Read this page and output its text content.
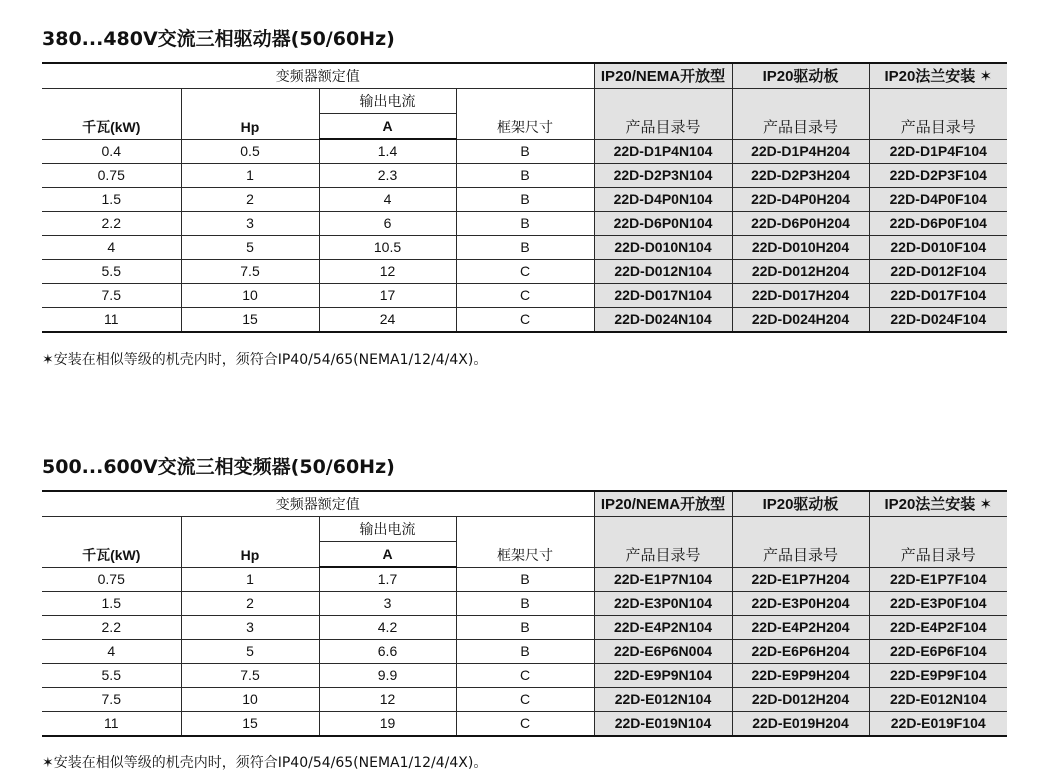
380...480V交流三相驱动器(50/60Hz)
变频器额定值				IP20/NEMA开放型	IP20驱动板	IP20法兰安装 ✶
千瓦(kW)	Hp	输出电流	框架尺寸	产品目录号	产品目录号	产品目录号
		A				
0.4	0.5	1.4	B	22D-D1P4N104	22D-D1P4H204	22D-D1P4F104
0.75	1	2.3	B	22D-D2P3N104	22D-D2P3H204	22D-D2P3F104
1.5	2	4	B	22D-D4P0N104	22D-D4P0H204	22D-D4P0F104
2.2	3	6	B	22D-D6P0N104	22D-D6P0H204	22D-D6P0F104
4	5	10.5	B	22D-D010N104	22D-D010H204	22D-D010F104
5.5	7.5	12	C	22D-D012N104	22D-D012H204	22D-D012F104
7.5	10	17	C	22D-D017N104	22D-D017H204	22D-D017F104
11	15	24	C	22D-D024N104	22D-D024H204	22D-D024F104
✶安装在相似等级的机壳内时，须符合IP40/54/65(NEMA1/12/4/4X)。
500...600V交流三相变频器(50/60Hz)
变频器额定值				IP20/NEMA开放型	IP20驱动板	IP20法兰安装 ✶
千瓦(kW)	Hp	输出电流	框架尺寸	产品目录号	产品目录号	产品目录号
		A				
0.75	1	1.7	B	22D-E1P7N104	22D-E1P7H204	22D-E1P7F104
1.5	2	3	B	22D-E3P0N104	22D-E3P0H204	22D-E3P0F104
2.2	3	4.2	B	22D-E4P2N104	22D-E4P2H204	22D-E4P2F104
4	5	6.6	B	22D-E6P6N004	22D-E6P6H204	22D-E6P6F104
5.5	7.5	9.9	C	22D-E9P9N104	22D-E9P9H204	22D-E9P9F104
7.5	10	12	C	22D-E012N104	22D-D012H204	22D-E012N104
11	15	19	C	22D-E019N104	22D-E019H204	22D-E019F104
✶安装在相似等级的机壳内时，须符合IP40/54/65(NEMA1/12/4/4X)。
